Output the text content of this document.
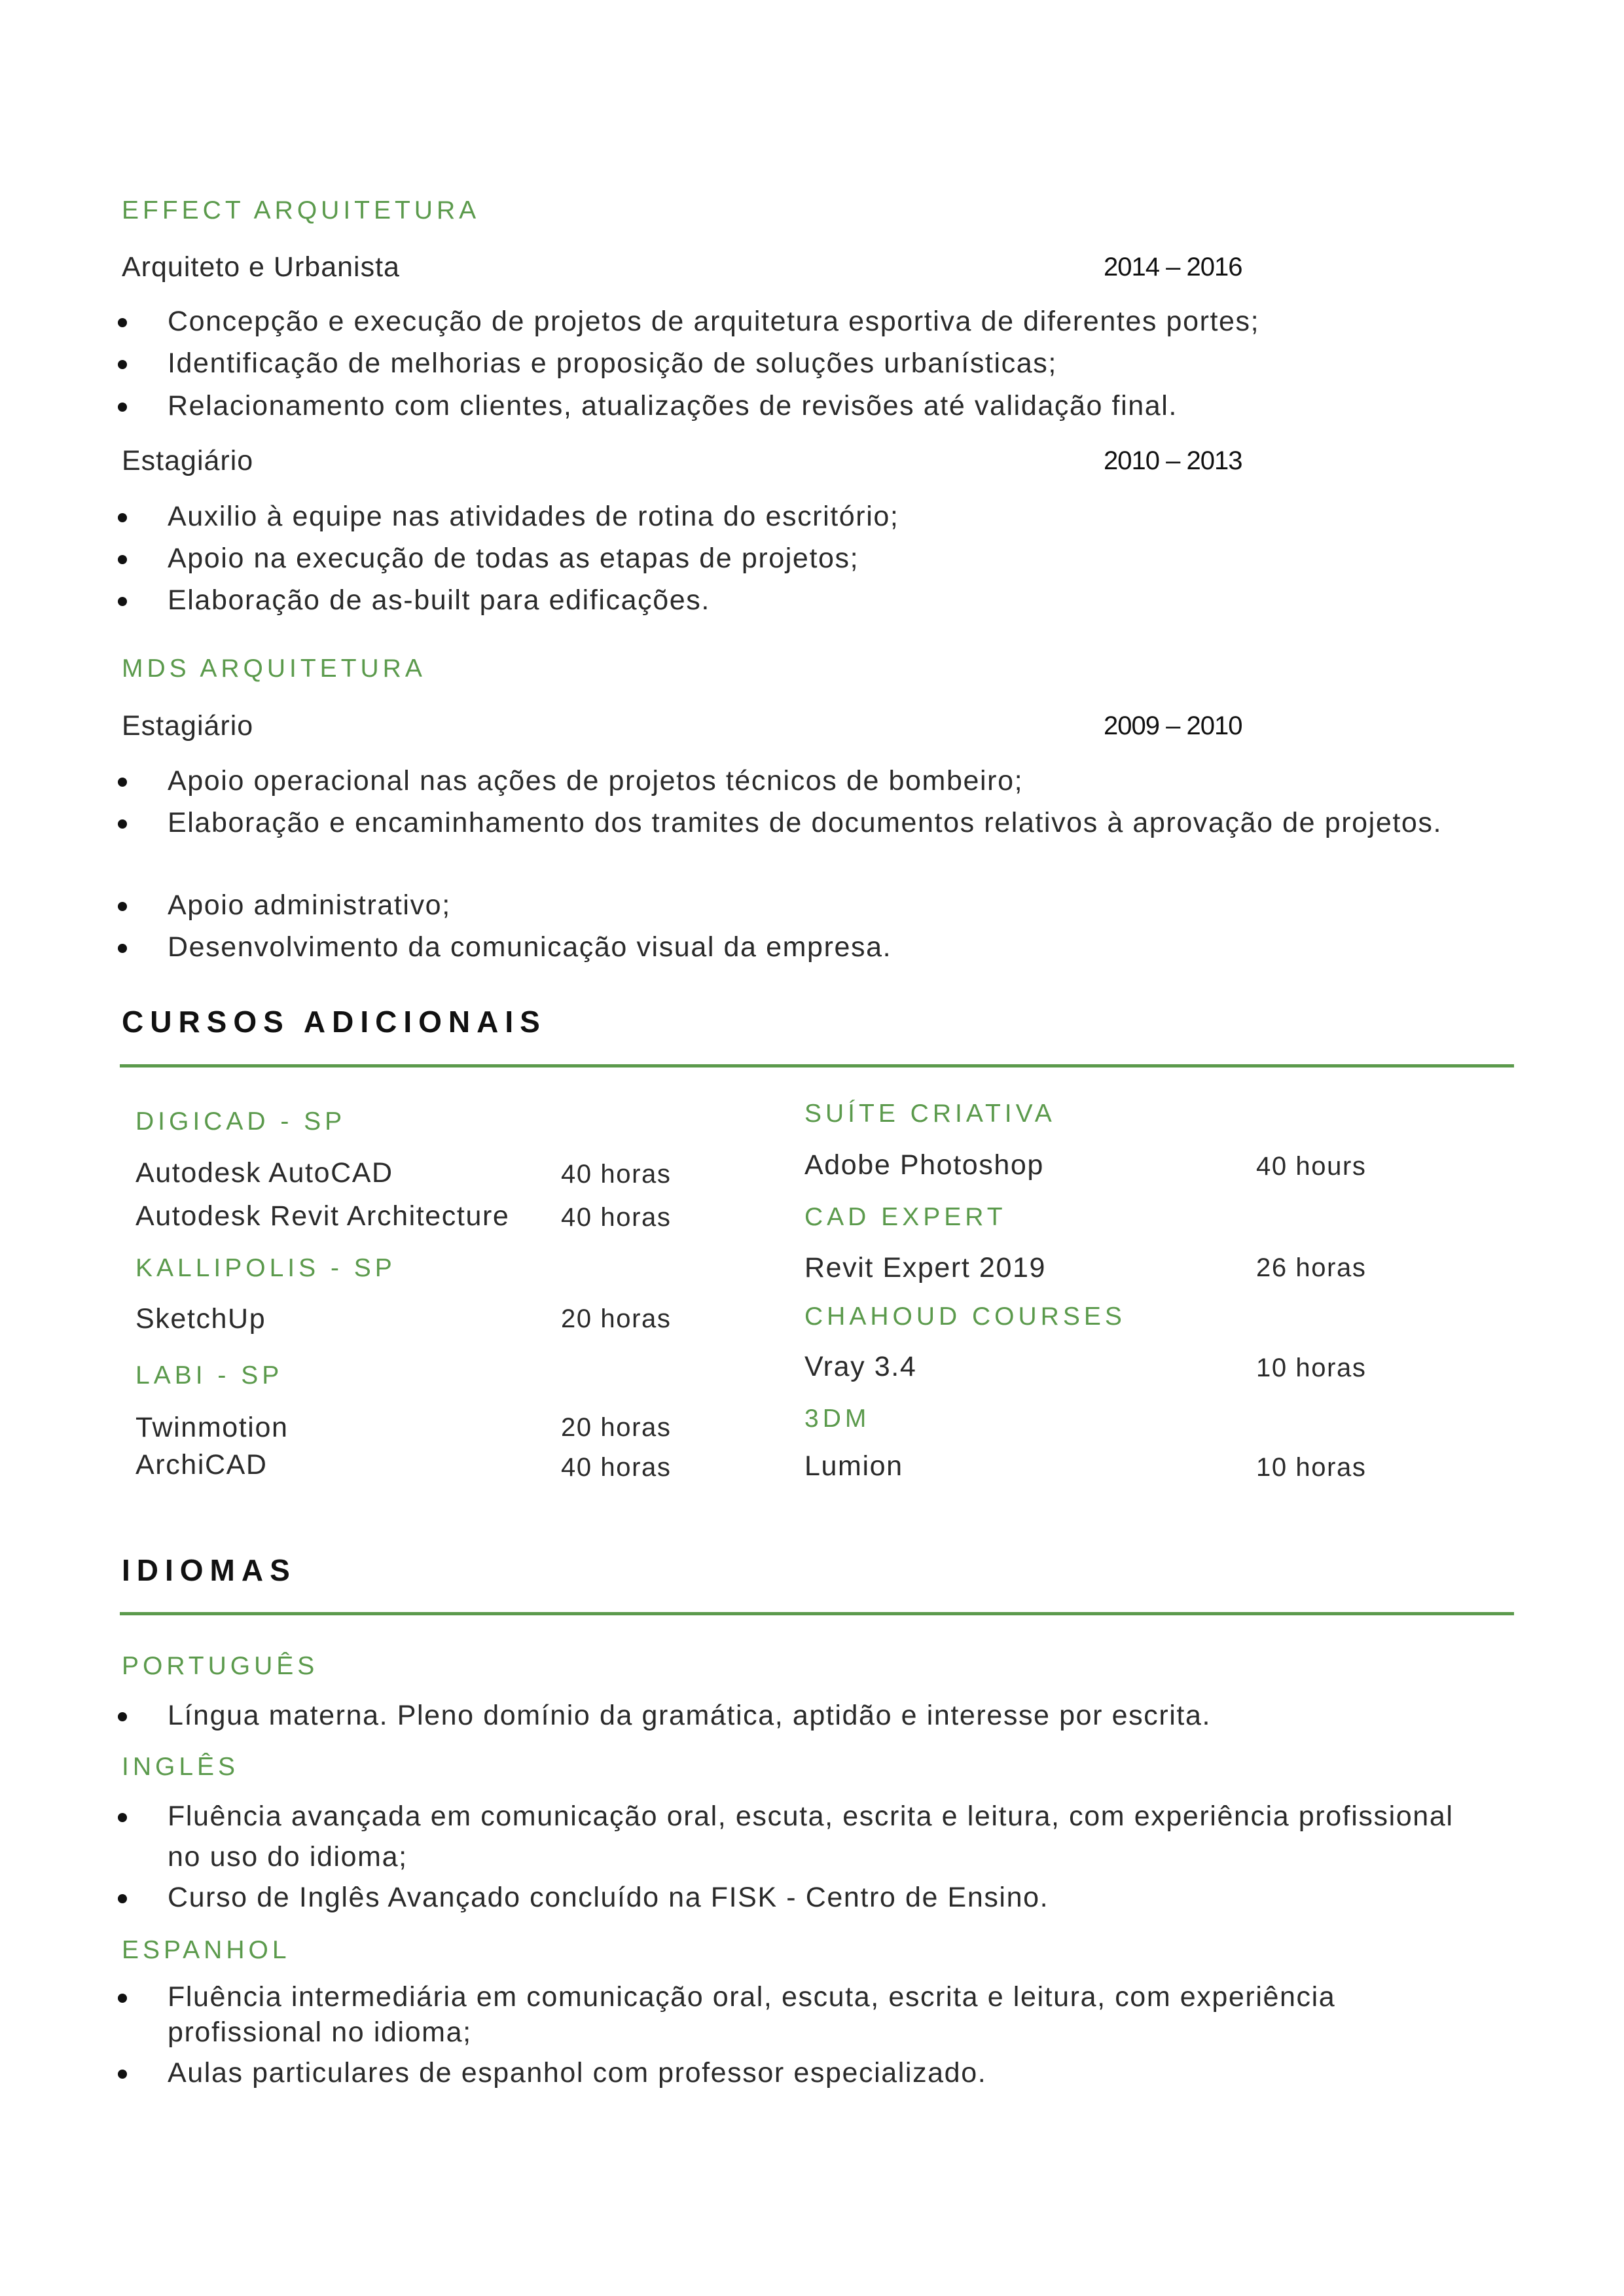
EFFECT ARQUITETURA
Arquiteto e Urbanista	2014 – 2016
Concepção e execução de projetos de arquitetura esportiva de diferentes portes;
Identificação de melhorias e proposição de soluções urbanísticas;
Relacionamento com clientes, atualizações de revisões até validação final.
Estagiário	2010 – 2013
Auxilio à equipe nas atividades de rotina do escritório;
Apoio na execução de todas as etapas de projetos;
Elaboração de as-built para edificações.
MDS ARQUITETURA
Estagiário	2009 – 2010
Apoio operacional nas ações de projetos técnicos de bombeiro;
Elaboração e encaminhamento dos tramites de documentos relativos à aprovação de projetos.
Apoio administrativo;
Desenvolvimento da comunicação visual da empresa.
CURSOS ADICIONAIS
DIGICAD - SP
Autodesk AutoCAD	40 horas
Autodesk Revit Architecture 40 horas
KALLIPOLIS - SP
SketchUp	20 horas
LABI - SP
Twinmotion	20 horas
ArchiCAD	40 horas
SUÍTE CRIATIVA
Adobe Photoshop	40 hours
CAD EXPERT
Revit Expert 2019	26 horas
CHAHOUD COURSES
Vray 3.4	10 horas
3DM
Lumion	10 horas
IDIOMAS
PORTUGUÊS
Língua materna. Pleno domínio da gramática, aptidão e interesse por escrita.
INGLÊS
Fluência avançada em comunicação oral, escuta, escrita e leitura, com experiência profissional no uso do idioma;
Curso de Inglês Avançado concluído na FISK - Centro de Ensino.
ESPANHOL
Fluência intermediária em comunicação oral, escuta, escrita e leitura, com experiência profissional no idioma;
Aulas particulares de espanhol com professor especializado.
